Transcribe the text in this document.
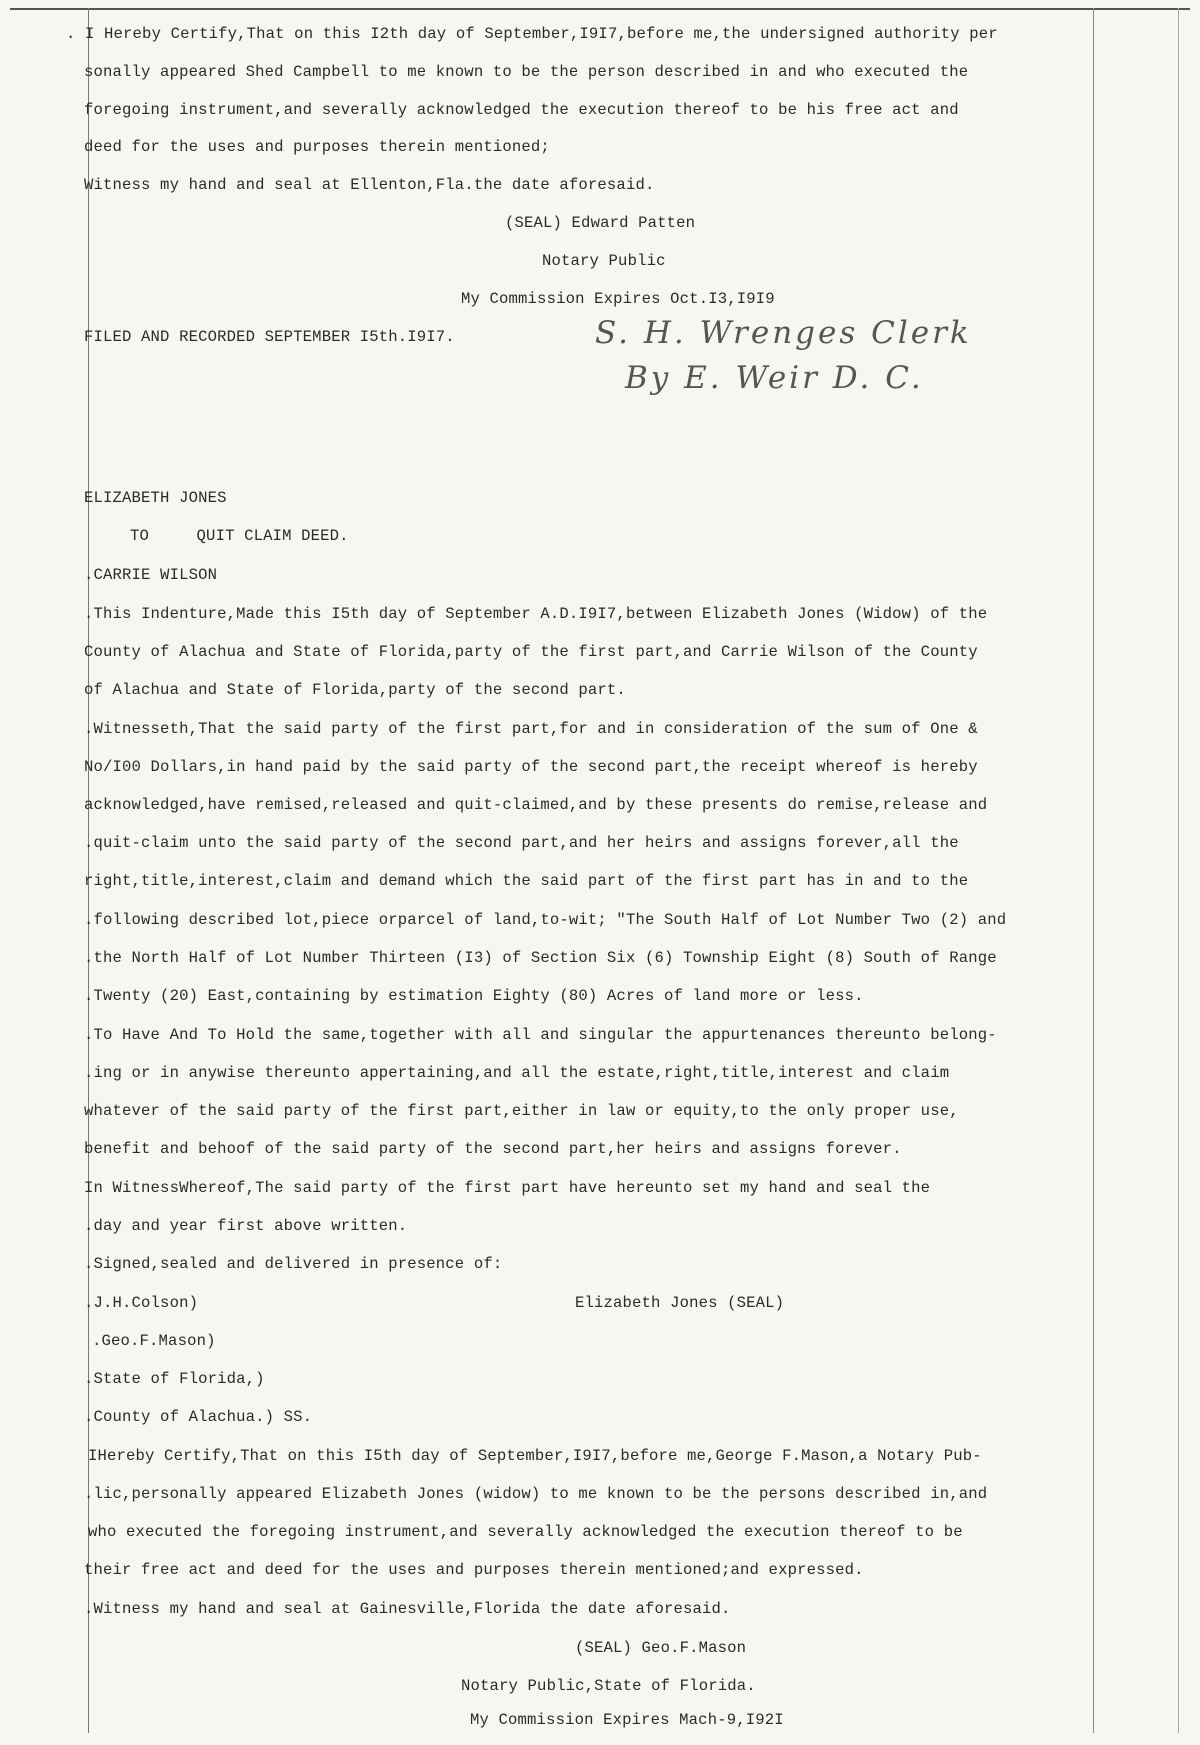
. I Hereby Certify,That on this I2th day of September,I9I7,before me,the undersigned authority per
sonally appeared Shed Campbell to me known to be the person described in and who executed the
foregoing instrument,and severally acknowledged the execution thereof to be his free act and
deed for the uses and purposes therein mentioned;
Witness my hand and seal at Ellenton,Fla.the date aforesaid.
(SEAL) Edward Patten
Notary Public
My Commission Expires Oct.I3,I9I9
FILED AND RECORDED SEPTEMBER I5th.I9I7.	S. H. Wrenges Clerk
By E. Weir D. C.
ELIZABETH JONES
TO     QUIT CLAIM DEED.
.CARRIE WILSON
.This Indenture,Made this I5th day of September A.D.I9I7,between Elizabeth Jones (Widow) of the
County of Alachua and State of Florida,party of the first part,and Carrie Wilson of the County
of Alachua and State of Florida,party of the second part.
.Witnesseth,That the said party of the first part,for and in consideration of the sum of One &
No/I00 Dollars,in hand paid by the said party of the second part,the receipt whereof is hereby
acknowledged,have remised,released and quit-claimed,and by these presents do remise,release and
.quit-claim unto the said party of the second part,and her heirs and assigns forever,all the
right,title,interest,claim and demand which the said part of the first part has in and to the
.following described lot,piece orparcel of land,to-wit; "The South Half of Lot Number Two (2) and
.the North Half of Lot Number Thirteen (I3) of Section Six (6) Township Eight (8) South of Range
.Twenty (20) East,containing by estimation Eighty (80) Acres of land more or less.
.To Have And To Hold the same,together with all and singular the appurtenances thereunto belong-
.ing or in anywise thereunto appertaining,and all the estate,right,title,interest and claim
whatever of the said party of the first part,either in law or equity,to the only proper use,
benefit and behoof of the said party of the second part,her heirs and assigns forever.
In WitnessWhereof,The said party of the first part have hereunto set my hand and seal the
.day and year first above written.
.Signed,sealed and delivered in presence of:
.J.H.Colson)	Elizabeth Jones (SEAL)
.Geo.F.Mason)
.State of Florida,)
.County of Alachua.) SS.
IHereby Certify,That on this I5th day of September,I9I7,before me,George F.Mason,a Notary Pub-
.lic,personally appeared Elizabeth Jones (widow) to me known to be the persons described in,and
who executed the foregoing instrument,and severally acknowledged the execution thereof to be
their free act and deed for the uses and purposes therein mentioned;and expressed.
.Witness my hand and seal at Gainesville,Florida the date aforesaid.
(SEAL) Geo.F.Mason
Notary Public,State of Florida.
My Commission Expires Mach-9,I92I
